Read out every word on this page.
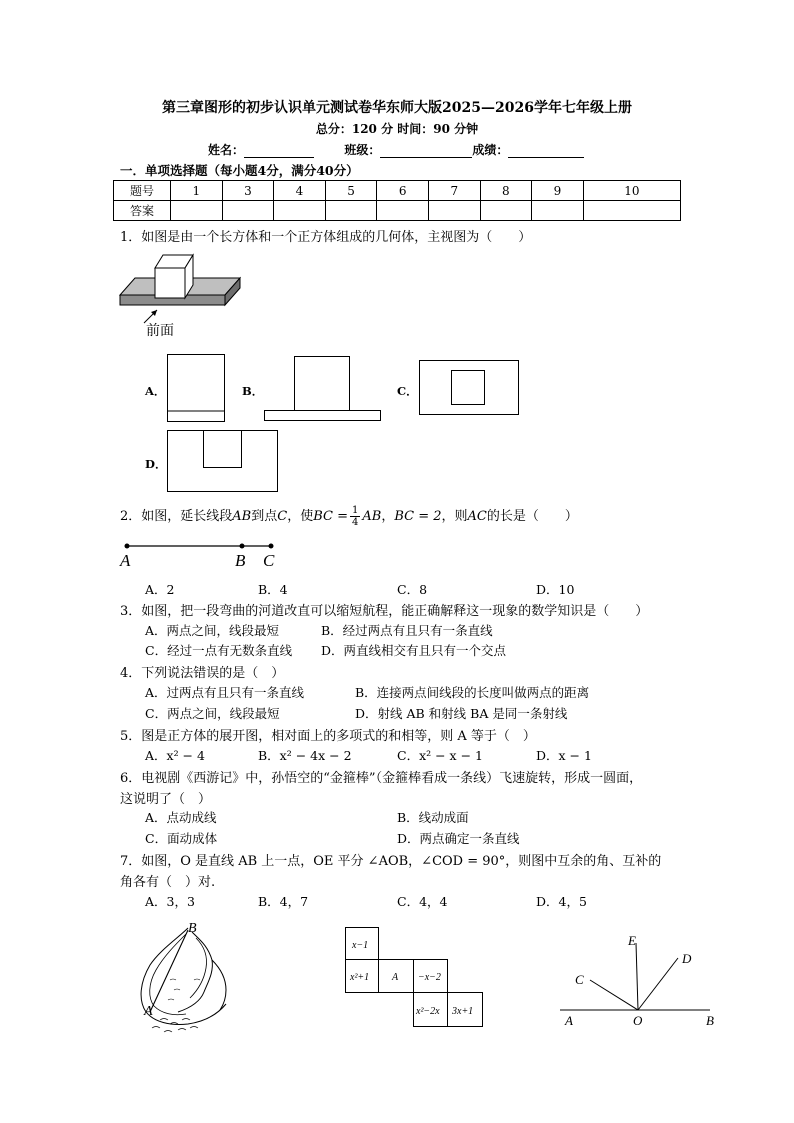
第三章图形的初步认识单元测试卷华东师大版2025—2026学年七年级上册
总分：120 分 时间：90 分钟
姓名：	班级：	成绩：
一．单项选择题（每小题4分，满分40分）
题号	1	3	4	5	6	7	8	9	10
答案									
1．如图是由一个长方体和一个正方体组成的几何体，主视图为（　　）
前面
A．	B．	C．
D．
2．如图，延长线段AB到点C，使BC = $\frac{1}{4}$ AB，BC = 2，则AC的长是（　　）
A	B C
A．2	B．4	C．8	D．10
3．如图，把一段弯曲的河道改直可以缩短航程，能正确解释这一现象的数学知识是（　　）
A．两点之间，线段最短	B．经过两点有且只有一条直线
C．经过一点有无数条直线 D．两直线相交有且只有一个交点
4．下列说法错误的是（　）
A．过两点有且只有一条直线	B．连接两点间线段的长度叫做两点的距离
C．两点之间，线段最短	D．射线 AB 和射线 BA 是同一条射线
5．图是正方体的展开图，相对面上的多项式的和相等，则 A 等于（　）
A．x² − 4	B．x² − 4x − 2	C．x² − x − 1	D．x − 1
6．电视剧《西游记》中，孙悟空的“金箍棒”（金箍棒看成一条线）飞速旋转，形成一圆面，
这说明了（　）
A．点动成线	B．线动成面
C．面动成体	D．两点确定一条直线
7．如图，O 是直线 AB 上一点，OE 平分 ∠AOB，∠COD = 90°，则图中互余的角、互补的
角各有（　）对.
A．3，3	B．4，7	C．4，4	D．4，5
B
A
x−1
x²+1 A −x−2
x²−2x 3x+1
E
D
C
A	O	B
